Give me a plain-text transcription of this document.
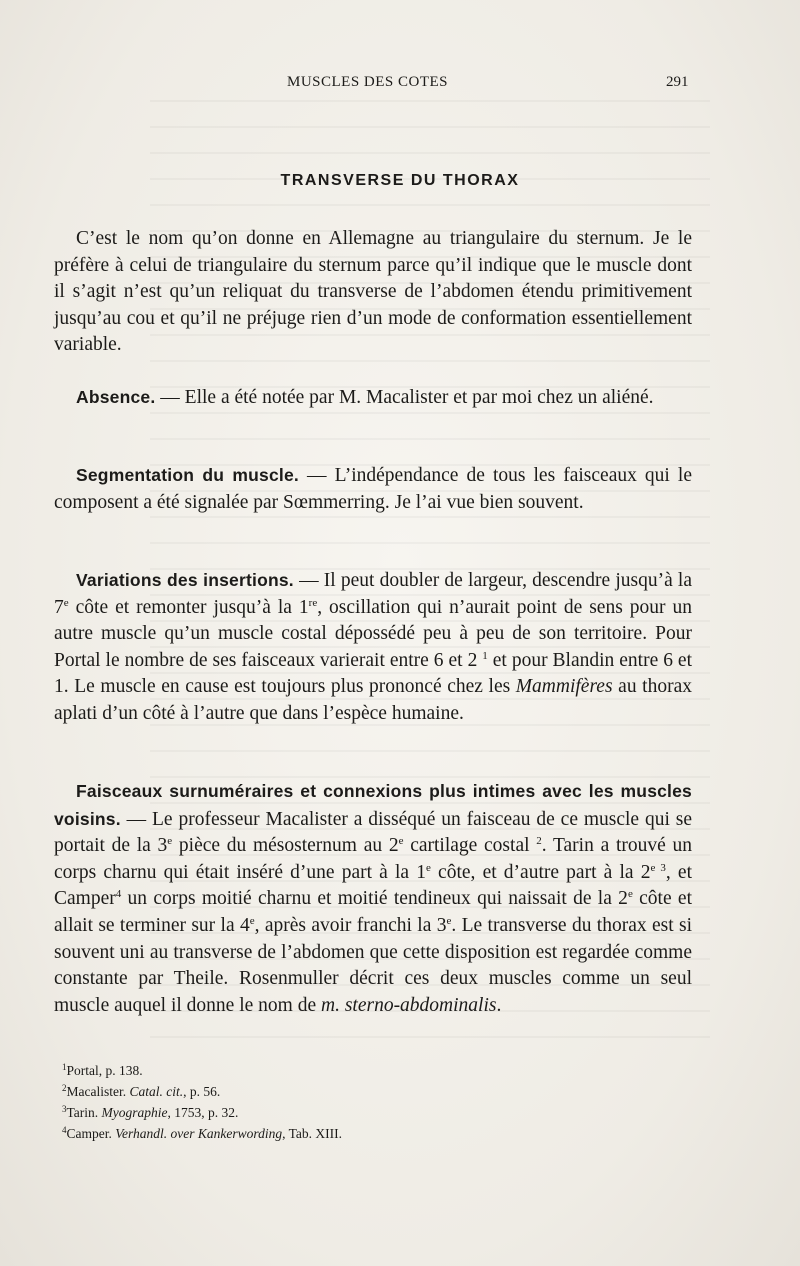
MUSCLES DES COTES	291
TRANSVERSE DU THORAX

C’est le nom qu’on donne en Allemagne au triangulaire du sternum. Je le préfère à celui de triangulaire du sternum parce qu’il indique que le muscle dont il s’agit n’est qu’un reliquat du transverse de l’abdomen étendu primitivement jusqu’au cou et qu’il ne préjuge rien d’un mode de conformation essentiellement variable.

Absence. — Elle a été notée par M. Macalister et par moi chez un aliéné.

Segmentation du muscle. — L’indépendance de tous les faisceaux qui le composent a été signalée par Sœmmerring. Je l’ai vue bien souvent.

Variations des insertions. — Il peut doubler de largeur, descendre jusqu’à la 7e côte et remonter jusqu’à la 1re, oscillation qui n’aurait point de sens pour un autre muscle qu’un muscle costal dépossédé peu à peu de son territoire. Pour Portal le nombre de ses faisceaux varierait entre 6 et 2 $^1$ et pour Blandin entre 6 et 1. Le muscle en cause est toujours plus prononcé chez les Mammifères au thorax aplati d’un côté à l’autre que dans l’espèce humaine.

Faisceaux surnuméraires et connexions plus intimes avec les muscles voisins. — Le professeur Macalister a disséqué un faisceau de ce muscle qui se portait de la 3e pièce du mésosternum au 2e cartilage costal $^2$. Tarin a trouvé un corps charnu qui était inséré d’une part à la 1e côte, et d’autre part à la $2^{e 3}$, et Camper$^4$ un corps moitié charnu et moitié tendineux qui naissait de la 2e côte et allait se terminer sur la 4e, après avoir franchi la 3e. Le transverse du thorax est si souvent uni au transverse de l’abdomen que cette disposition est regardée comme constante par Theile. Rosenmuller décrit ces deux muscles comme un seul muscle auquel il donne le nom de m. sterno-abdominalis.

$^1$Portal, p. 138.
$^2$Macalister. Catal. cit., p. 56.
$^3$Tarin. Myographie, 1753, p. 32.
$^4$Camper. Verhandl. over Kankerwording, Tab. XIII.
